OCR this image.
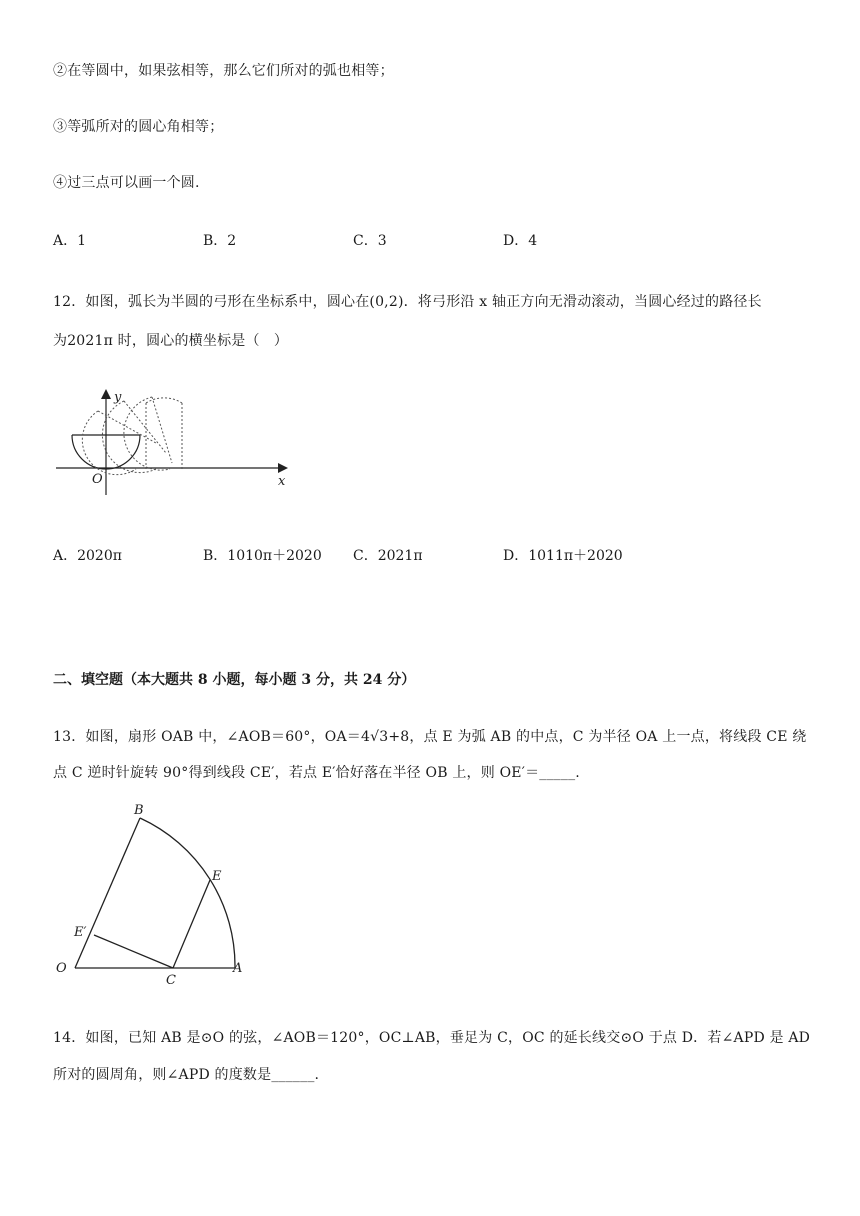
②在等圆中，如果弦相等，那么它们所对的弧也相等；
③等弧所对的圆心角相等；
④过三点可以画一个圆.
A．1	B．2	C．3	D．4
12．如图，弧长为半圆的弓形在坐标系中，圆心在(0,2)．将弓形沿 x 轴正方向无滑动滚动，当圆心经过的路径长
为2021π 时，圆心的横坐标是（　）
y
O	x
A．2020π	B．1010π＋2020 C．2021π	D．1011π＋2020
二、填空题（本大题共 8 小题，每小题 3 分，共 24 分）
13．如图，扇形 OAB 中，∠AOB＝60°，OA＝4√3+8，点 E 为弧 AB 的中点，C 为半径 OA 上一点，将线段 CE 绕
点 C 逆时针旋转 90°得到线段 CE′，若点 E′恰好落在半径 OB 上，则 OE′＝_____.
B
E
E′
O
C
A
14．如图，已知 AB 是⊙O 的弦，∠AOB＝120°，OC⊥AB，垂足为 C，OC 的延长线交⊙O 于点 D．若∠APD 是 AD
所对的圆周角，则∠APD 的度数是______.
